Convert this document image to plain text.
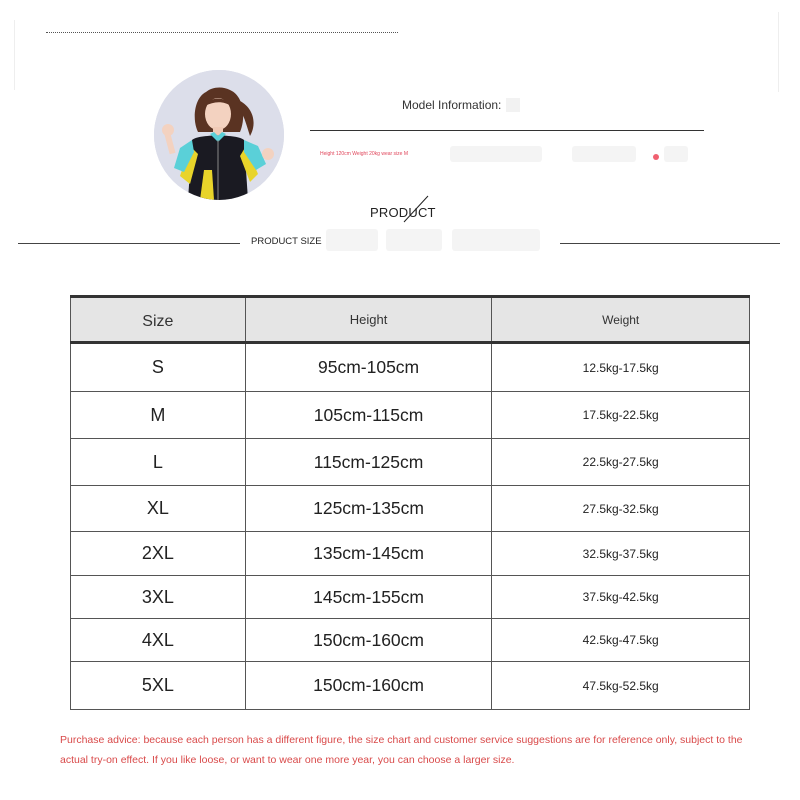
Model Information:
Height 120cm Weight 20kg wear size M
PRODUCT
PRODUCT SIZE
Size	Height	Weight
S	95cm-105cm	12.5kg-17.5kg
M	105cm-115cm	17.5kg-22.5kg
L	115cm-125cm	22.5kg-27.5kg
XL	125cm-135cm	27.5kg-32.5kg
2XL	135cm-145cm	32.5kg-37.5kg
3XL	145cm-155cm	37.5kg-42.5kg
4XL	150cm-160cm	42.5kg-47.5kg
5XL	150cm-160cm	47.5kg-52.5kg
Purchase advice: because each person has a different figure, the size chart and customer service suggestions are for reference only, subject to the actual try-on effect. If you like loose, or want to wear one more year, you can choose a larger size.
